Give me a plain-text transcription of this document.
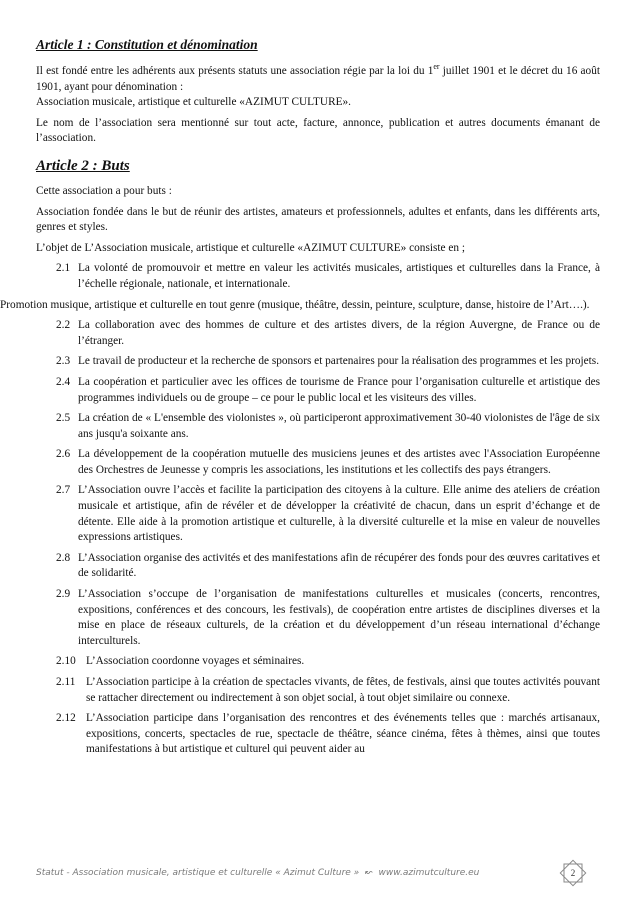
Article 1 : Constitution et dénomination

Il est fondé entre les adhérents aux présents statuts une association régie par la loi du 1er juillet 1901 et le décret du 16 août 1901, ayant pour dénomination :
Association musicale, artistique et culturelle «AZIMUT CULTURE».

Le nom de l’association sera mentionné sur tout acte, facture, annonce, publication et autres documents émanant de l’association.

Article 2 : Buts

Cette association a pour buts :

Association fondée dans le but de réunir des artistes, amateurs et professionnels, adultes et enfants, dans les différents arts, genres et styles.

L’objet de L’Association musicale, artistique et culturelle «AZIMUT CULTURE» consiste en ;

2.1 La volonté de promouvoir et mettre en valeur les activités musicales, artistiques et culturelles dans la France, à l’échelle régionale, nationale, et internationale.
Promotion musique, artistique et culturelle en tout genre (musique, théâtre, dessin, peinture, sculpture, danse, histoire de l’Art….).
2.2 La collaboration avec des hommes de culture et des artistes divers, de la région Auvergne, de France ou de l’étranger.
2.3 Le travail de producteur et la recherche de sponsors et partenaires pour la réalisation des programmes et les projets.
2.4 La coopération et particulier avec les offices de tourisme de France pour l’organisation culturelle et artistique des programmes individuels ou de groupe – ce pour le public local et les visiteurs des villes.
2.5 La création de « L'ensemble des violonistes », où participeront approximativement 30-40 violonistes de l'âge de six ans jusqu'a soixante ans.
2.6 La développement de la coopération mutuelle des musiciens jeunes et des artistes avec l'Association Européenne des Orchestres de Jeunesse y compris les associations, les institutions et les collectifs des pays étrangers.
2.7 L’Association ouvre l’accès et facilite la participation des citoyens à la culture. Elle anime des ateliers de création musicale et artistique, afin de révéler et de développer la créativité de chacun, dans un esprit d’échange et de détente. Elle aide à la promotion artistique et culturelle, à la diversité culturelle et la mise en valeur de nouvelles expressions artistiques.
2.8 L’Association organise des activités et des manifestations afin de récupérer des fonds pour des œuvres caritatives et de solidarité.
2.9 L’Association s’occupe de l’organisation de manifestations culturelles et musicales (concerts, rencontres, expositions, conférences et des concours, les festivals), de coopération entre artistes de disciplines diverses et la mise en place de réseaux culturels, de la création et du développement d’un réseau international d’échange interculturels.
2.10 L’Association coordonne voyages et séminaires.
2.11 L’Association participe à la création de spectacles vivants, de fêtes, de festivals, ainsi que toutes activités pouvant se rattacher directement ou indirectement à son objet social, à tout objet similaire ou connexe.
2.12 L’Association participe dans l’organisation des rencontres et des événements telles que : marchés artisanaux, expositions, concerts, spectacles de rue, spectacle de théâtre, séance cinéma, fêtes à thèmes, ainsi que toutes manifestations à but artistique et culturel qui peuvent aider au
Statut - Association musicale, artistique et culturelle « Azimut Culture » ↜ www.azimutculture.eu	2
